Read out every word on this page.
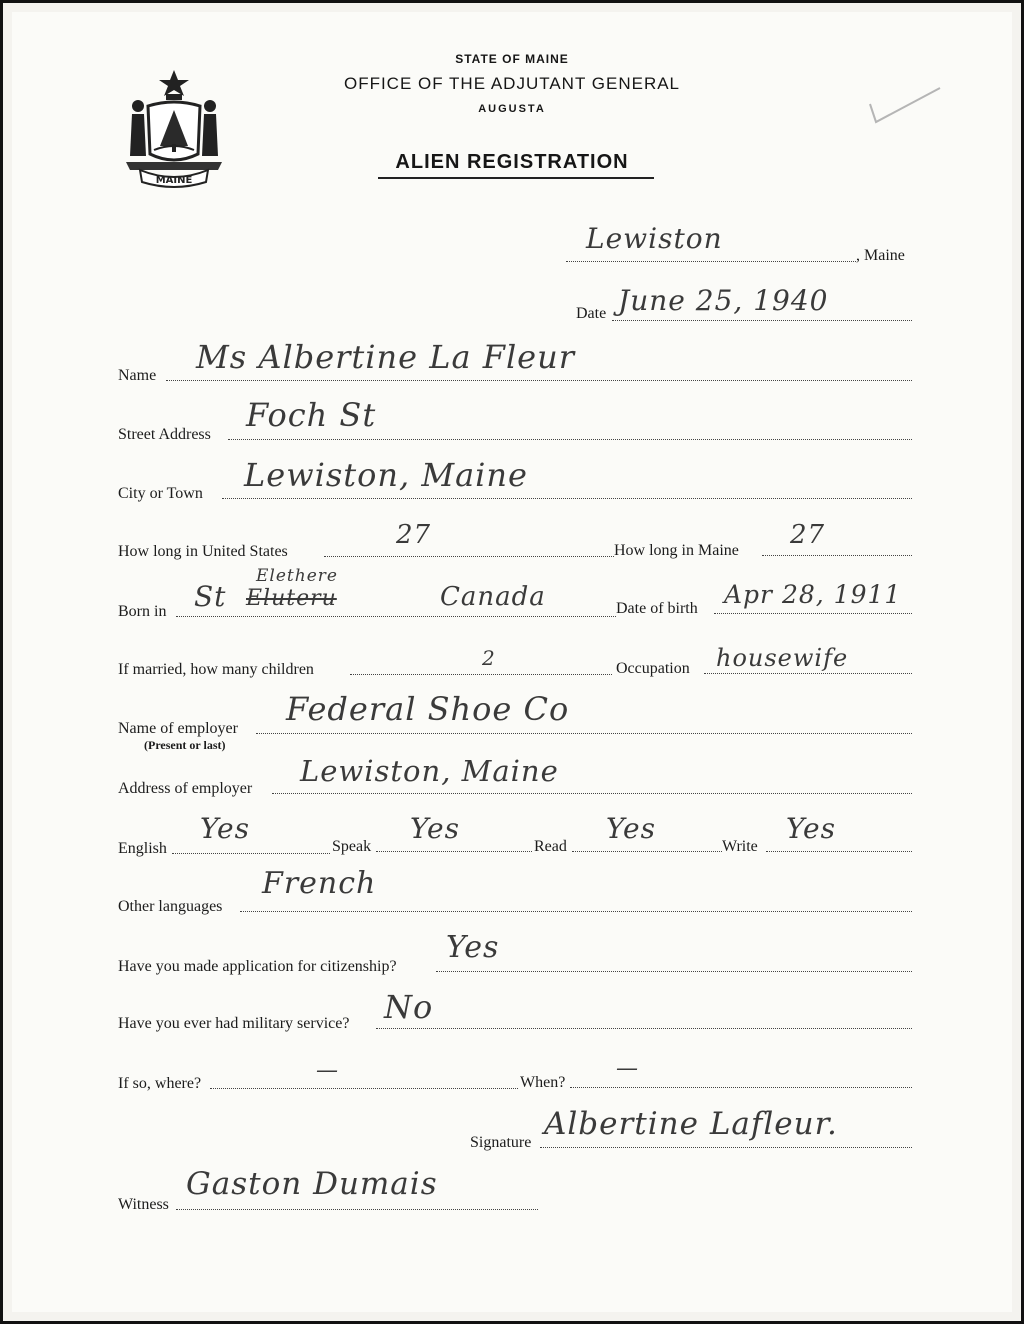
MAINE
STATE OF MAINE
OFFICE OF THE ADJUTANT GENERAL
AUGUSTA
ALIEN REGISTRATION
Lewiston
, Maine
Date June 25, 1940
Name Ms Albertine La Fleur
Street Address
Foch St
City or Town Lewiston, Maine
How long in United States
27
How long in Maine
27
Born in
Elethere
St Eluteru	Canada	Date of birth Apr 28, 1911
If married, how many children	2	Occupation housewife
Name of employer
(Present or last)
Federal Shoe Co
Address of employer
Lewiston, Maine
English
Yes
Speak
Yes
Read
Yes
Write
Yes
Other languages
French
Have you made application for citizenship?
Yes
Have you ever had military service? No
If so, where?
—	When?
—
Signature
Albertine Lafleur.
Witness
Gaston Dumais
